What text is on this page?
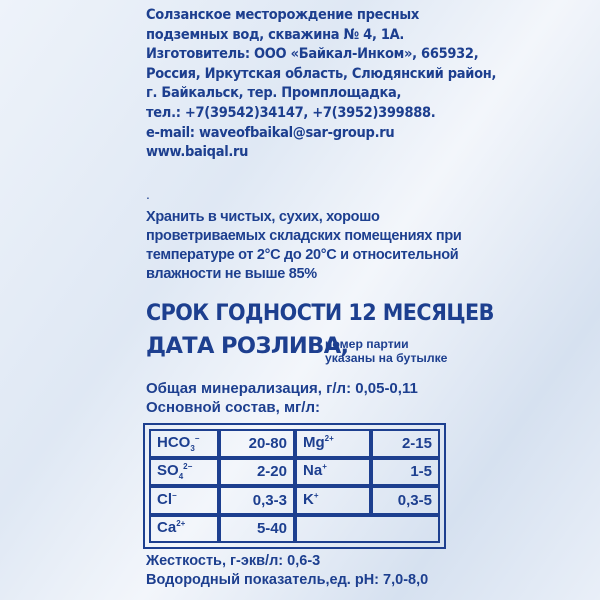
Солзанское месторождение пресных
подземных вод, скважина № 4, 1А.
Изготовитель: ООО «Байкал-Инком», 665932,
Россия, Иркутская область, Слюдянский район,
г. Байкальск, тер. Промплощадка,
тел.: +7(39542)34147, +7(3952)399888.
e-mail: waveofbaikal@sar-group.ru
www.baiqal.ru
.
Хранить в чистых, сухих, хорошо
проветриваемых складских помещениях при
температуре от 2°C до 20°C и относительной
влажности не выше 85%
СРОК ГОДНОСТИ 12 МЕСЯЦЕВ
ДАТА РОЗЛИВА,
номер партии
указаны на бутылке
Общая минерализация, г/л: 0,05-0,11
Основной состав, мг/л:
$HCO_3^-$	20-80	$Mg^{2+}$	2-15
$SO_4^{2-}$	2-20	Na+	1-5
Cl−	0,3-3	K+	0,3-5
$Ca^{2+}$	5-40		
Жесткость, г-экв/л: 0,6-3
Водородный показатель,ед. pH: 7,0-8,0
